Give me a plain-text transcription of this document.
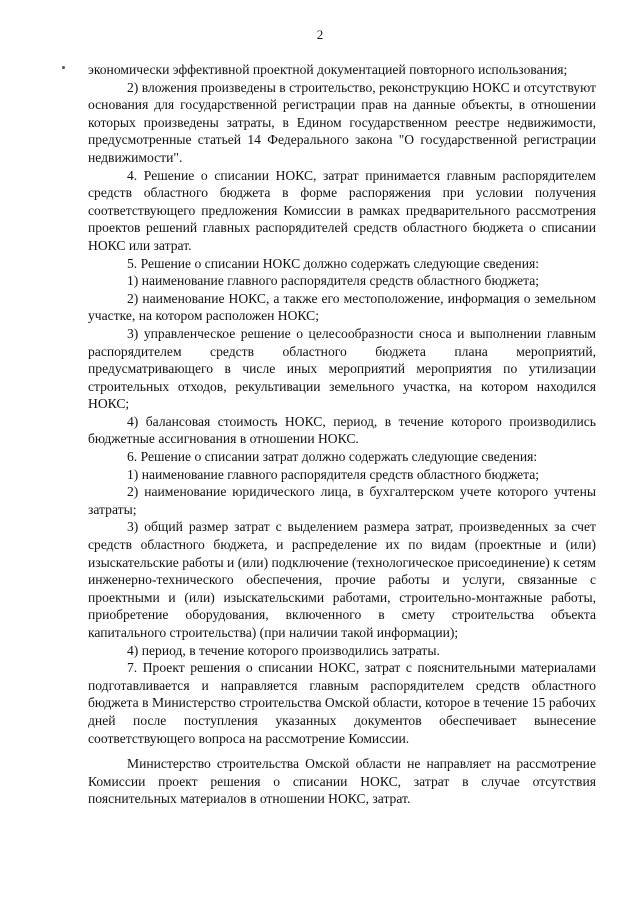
2

экономически эффективной проектной документацией повторного использования;

2) вложения произведены в строительство, реконструкцию НОКС и отсутствуют основания для государственной регистрации прав на данные объекты, в отношении которых произведены затраты, в Едином государственном реестре недвижимости, предусмотренные статьей 14 Федерального закона "О государственной регистрации недвижимости".

4. Решение о списании НОКС, затрат принимается главным распорядителем средств областного бюджета в форме распоряжения при условии получения соответствующего предложения Комиссии в рамках предварительного рассмотрения проектов решений главных распорядителей средств областного бюджета о списании НОКС или затрат.

5. Решение о списании НОКС должно содержать следующие сведения:

1) наименование главного распорядителя средств областного бюджета;

2) наименование НОКС, а также его местоположение, информация о земельном участке, на котором расположен НОКС;

3) управленческое решение о целесообразности сноса и выполнении главным распорядителем средств областного бюджета плана мероприятий, предусматривающего в числе иных мероприятий мероприятия по утилизации строительных отходов, рекультивации земельного участка, на котором находился НОКС;

4) балансовая стоимость НОКС, период, в течение которого производились бюджетные ассигнования в отношении НОКС.

6. Решение о списании затрат должно содержать следующие сведения:

1) наименование главного распорядителя средств областного бюджета;

2) наименование юридического лица, в бухгалтерском учете которого учтены затраты;

3) общий размер затрат с выделением размера затрат, произведенных за счет средств областного бюджета, и распределение их по видам (проектные и (или) изыскательские работы и (или) подключение (технологическое присоединение) к сетям инженерно-технического обеспечения, прочие работы и услуги, связанные с проектными и (или) изыскательскими работами, строительно-монтажные работы, приобретение оборудования, включенного в смету строительства объекта капитального строительства) (при наличии такой информации);

4) период, в течение которого производились затраты.

7. Проект решения о списании НОКС, затрат с пояснительными материалами подготавливается и направляется главным распорядителем средств областного бюджета в Министерство строительства Омской области, которое в течение 15 рабочих дней после поступления указанных документов обеспечивает вынесение соответствующего вопроса на рассмотрение Комиссии.

Министерство строительства Омской области не направляет на рассмотрение Комиссии проект решения о списании НОКС, затрат в случае отсутствия пояснительных материалов в отношении НОКС, затрат.
